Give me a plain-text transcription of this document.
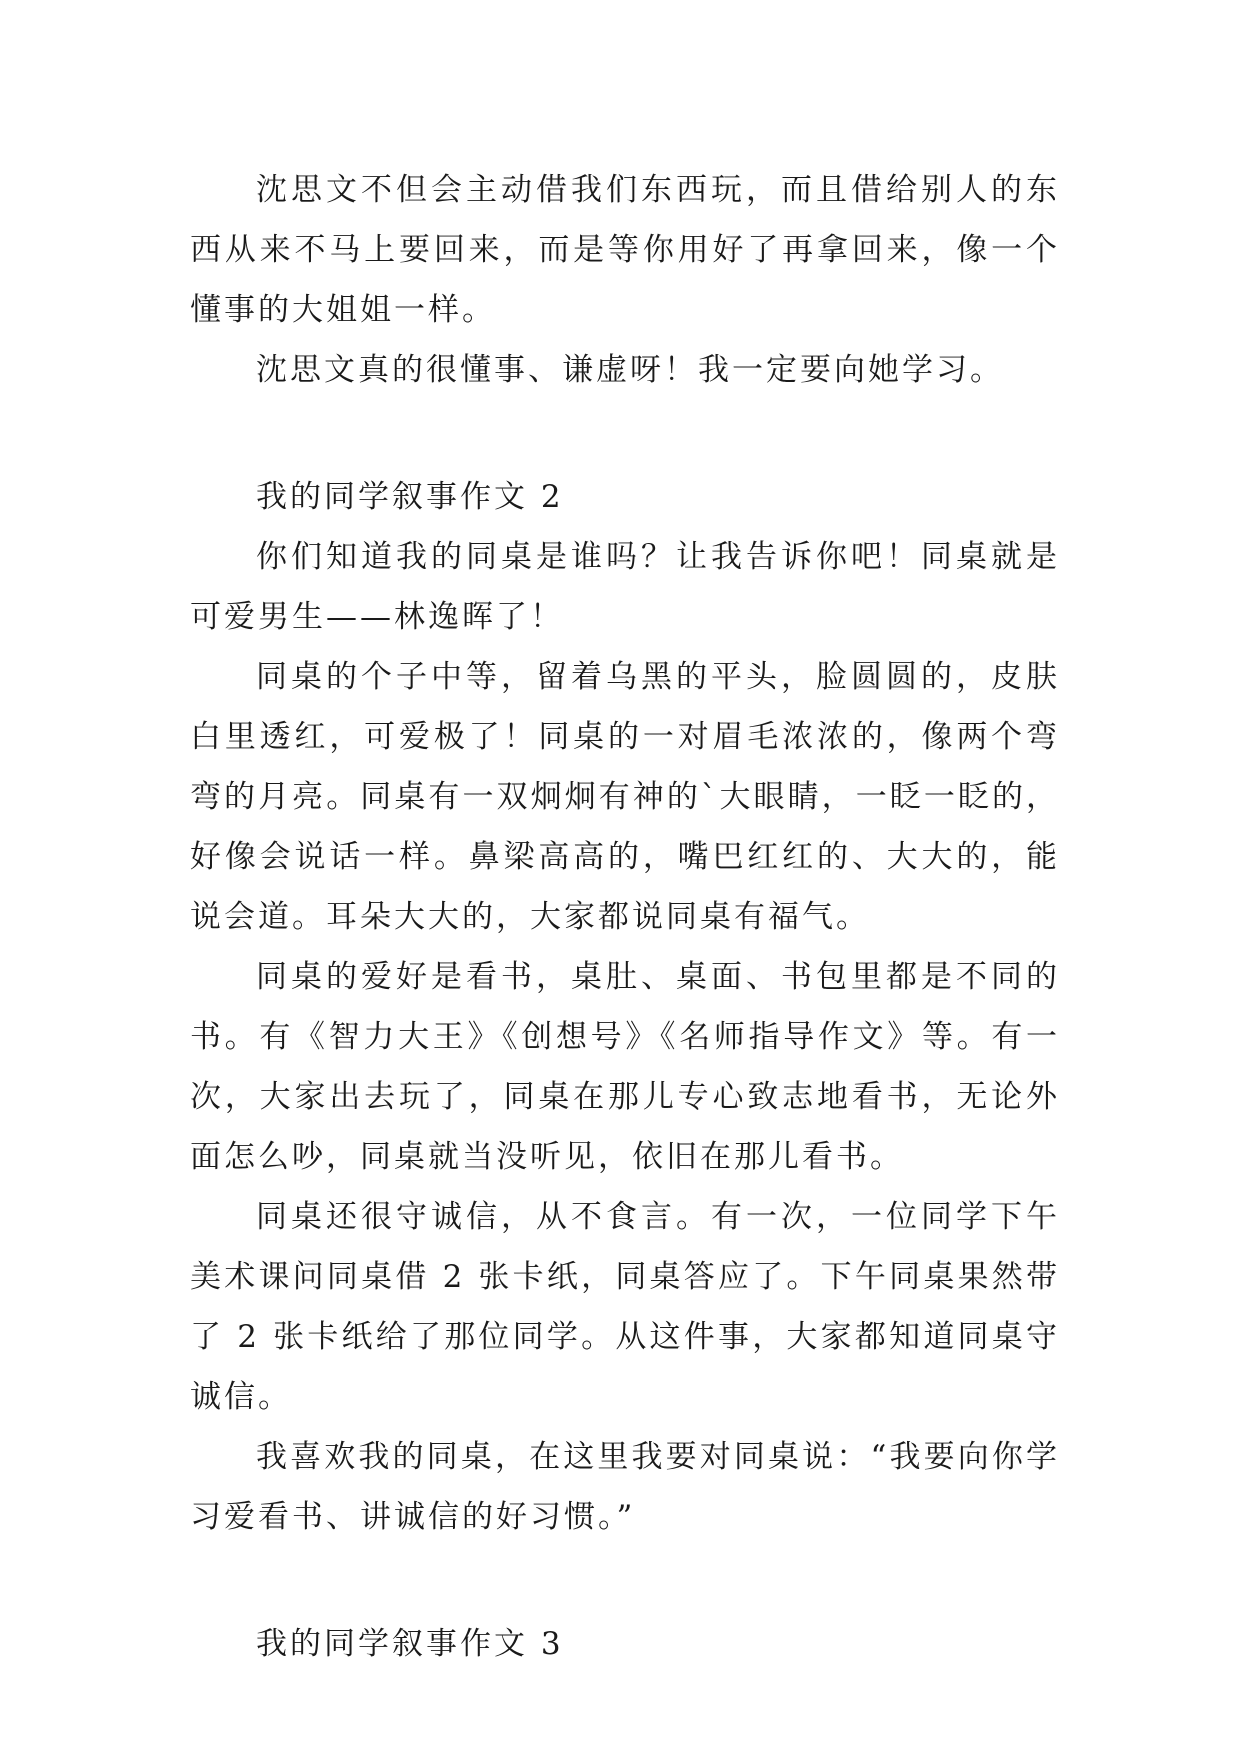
沈思文不但会主动借我们东西玩，而且借给别人的东西从来不马上要回来，而是等你用好了再拿回来，像一个懂事的大姐姐一样。

沈思文真的很懂事、谦虚呀！我一定要向她学习。

我的同学叙事作文 2

你们知道我的同桌是谁吗？让我告诉你吧！同桌就是可爱男生——林逸晖了！

同桌的个子中等，留着乌黑的平头，脸圆圆的，皮肤白里透红，可爱极了！同桌的一对眉毛浓浓的，像两个弯弯的月亮。同桌有一双炯炯有神的`大眼睛，一眨一眨的，好像会说话一样。鼻梁高高的，嘴巴红红的、大大的，能说会道。耳朵大大的，大家都说同桌有福气。

同桌的爱好是看书，桌肚、桌面、书包里都是不同的书。有《智力大王》《创想号》《名师指导作文》等。有一次，大家出去玩了，同桌在那儿专心致志地看书，无论外面怎么吵，同桌就当没听见，依旧在那儿看书。

同桌还很守诚信，从不食言。有一次，一位同学下午美术课问同桌借 2 张卡纸，同桌答应了。下午同桌果然带了 2 张卡纸给了那位同学。从这件事，大家都知道同桌守诚信。

我喜欢我的同桌，在这里我要对同桌说：“我要向你学习爱看书、讲诚信的好习惯。”

我的同学叙事作文 3
